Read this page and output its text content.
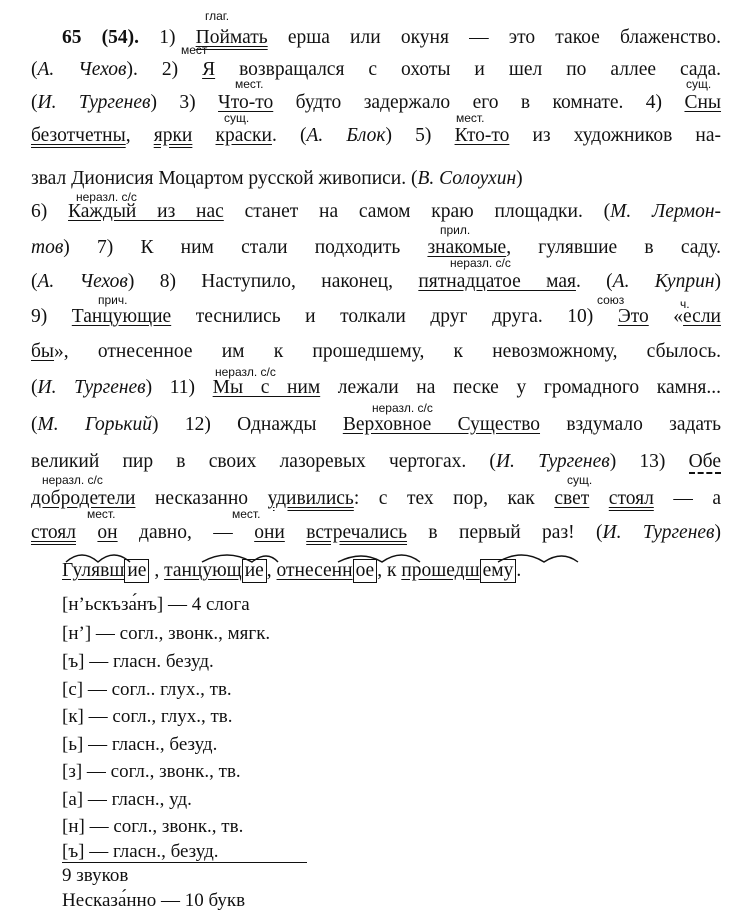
65 (54). 1) Поймать ерша или окуня — это такое блаженство.
(А. Чехов). 2) Я возвращался с охоты и шел по аллее сада.
(И. Тургенев) 3) Что-то будто задержало его в комнате. 4) Сны
безотчетны, ярки краски. (А. Блок) 5) Кто-то из художников на-
звал Дионисия Моцартом русской живописи. (В. Солоухин)
6) Каждый из нас станет на самом краю площадки. (М. Лермон-
тов) 7) К ним стали подходить знакомые, гулявшие в саду.
(А. Чехов) 8) Наступило, наконец, пятнадцатое мая. (А. Куприн)
9) Танцующие теснились и толкали друг друга. 10) Это «если
бы», отнесенное им к прошедшему, к невозможному, сбылось.
(И. Тургенев) 11) Мы с ним лежали на песке у громадного камня...
(М. Горький) 12) Однажды Верховное Существо вздумало задать
великий пир в своих лазоревых чертогах. (И. Тургенев) 13) Обе
добродетели несказанно удивились: с тех пор, как свет стоял — а
стоял он давно, — они встречались в первый раз! (И. Тургенев)
глаг.
мест
мест.	сущ.
сущ.	мест.
неразл. с/с
прил.
неразл. с/с
прич.	союз	ч.
неразл. с/с
неразл. с/с
неразл. с/с	сущ.
мест.	мест.
Гулявш ие , танцующ ие , отнесенн ое , к прошедш ему .
[н’ьскъза́нъ] — 4 слога
[н’] — согл., звонк., мягк.
[ъ] — гласн. безуд.
[с] — согл.. глух., тв.
[к] — согл., глух., тв.
[ь] — гласн., безуд.
[з] — согл., звонк., тв.
[а] — гласн., уд.
[н] — согл., звонк., тв.
[ъ] — гласн., безуд.
9 звуков
Несказа́нно — 10 букв
